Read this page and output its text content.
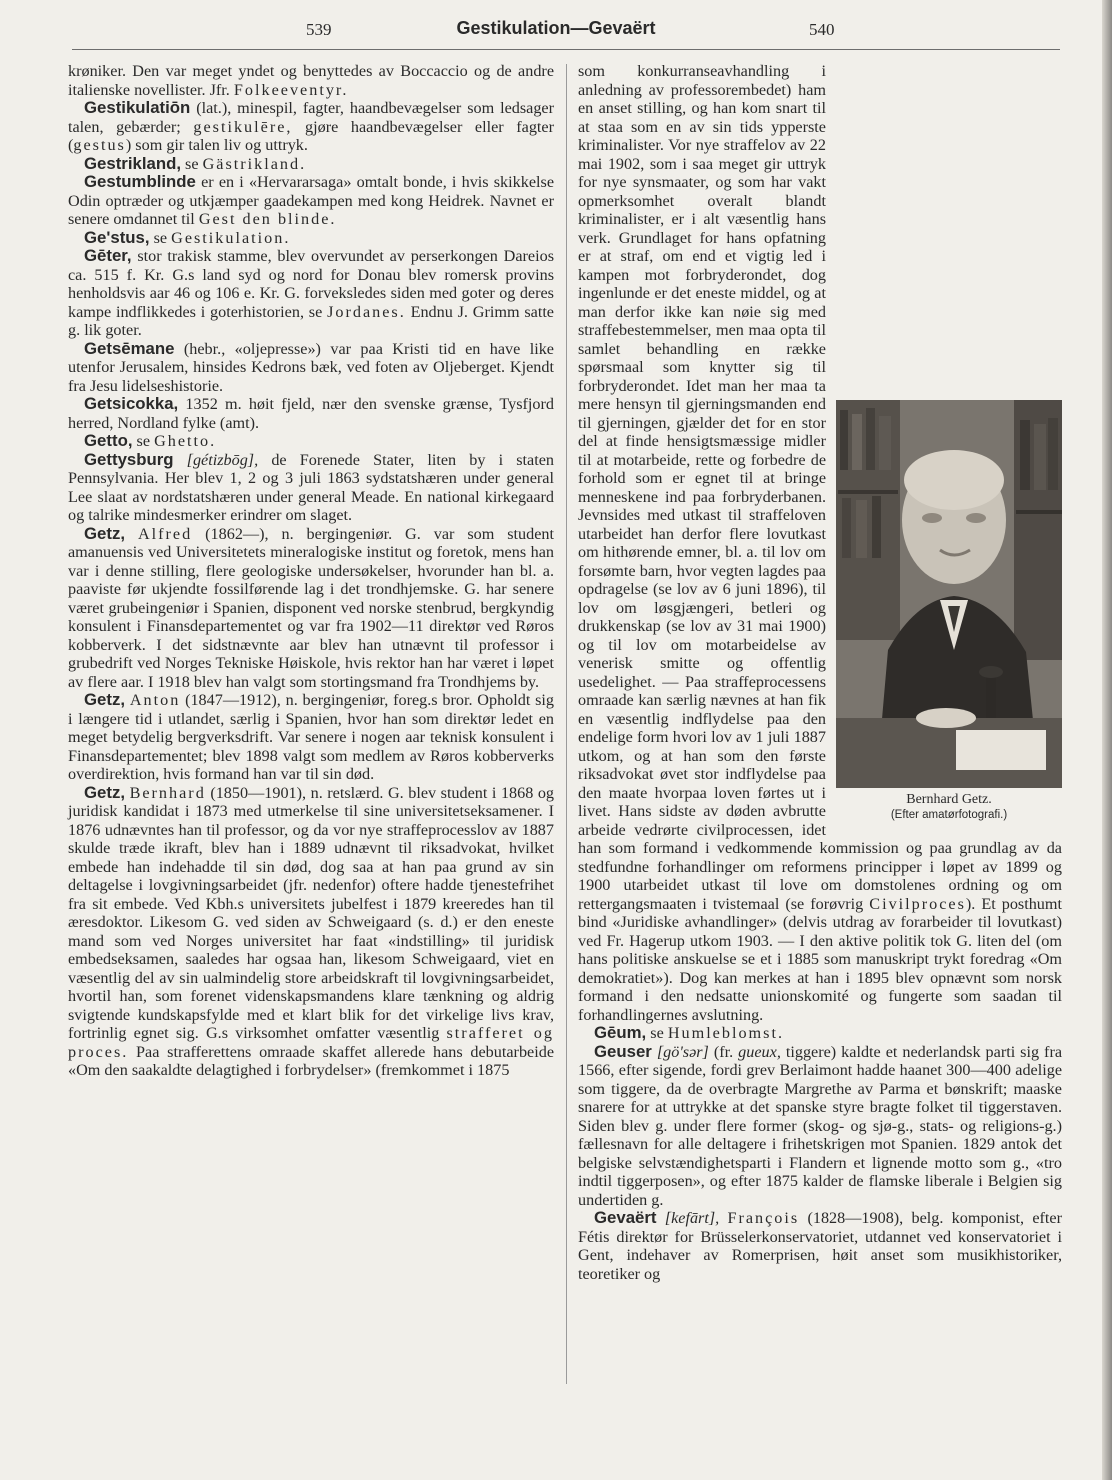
539	Gestikulation—Gevaërt	540

krøniker. Den var meget yndet og benyttedes av Boccaccio og de andre italienske novellister. Jfr. Folkeeventyr.

Gestikulatiōn (lat.), minespil, fagter, haandbevægelser som ledsager talen, gebærder; gestikulēre, gjøre haandbevægelser eller fagter (gestus) som gir talen liv og uttryk.

Gestrikland, se Gästrikland.

Gestumblinde er en i «Hervararsaga» omtalt bonde, i hvis skikkelse Odin optræder og utkjæmper gaadekampen med kong Heidrek. Navnet er senere omdannet til Gest den blinde.

Ge'stus, se Gestikulation.

Gēter, stor trakisk stamme, blev overvundet av perserkongen Dareios ca. 515 f. Kr. G.s land syd og nord for Donau blev romersk provins henholdsvis aar 46 og 106 e. Kr. G. forveksledes siden med goter og deres kampe indflikkedes i goterhistorien, se Jordanes. Endnu J. Grimm satte g. lik goter.

Getsēmane (hebr., «oljepresse») var paa Kristi tid en have like utenfor Jerusalem, hinsides Kedrons bæk, ved foten av Oljeberget. Kjendt fra Jesu lidelseshistorie.

Getsicokka, 1352 m. høit fjeld, nær den svenske grænse, Tysfjord herred, Nordland fylke (amt).

Getto, se Ghetto.

Gettysburg [gétizbōg], de Forenede Stater, liten by i staten Pennsylvania. Her blev 1, 2 og 3 juli 1863 sydstatshæren under general Lee slaat av nordstatshæren under general Meade. En national kirkegaard og talrike mindesmerker erindrer om slaget.

Getz, Alfred (1862—), n. bergingeniør. G. var som student amanuensis ved Universitetets mineralogiske institut og foretok, mens han var i denne stilling, flere geologiske undersøkelser, hvorunder han bl. a. paaviste før ukjendte fossilførende lag i det trondhjemske. G. har senere været grubeingeniør i Spanien, disponent ved norske stenbrud, bergkyndig konsulent i Finansdepartementet og var fra 1902—11 direktør ved Røros kobberverk. I det sidstnævnte aar blev han utnævnt til professor i grubedrift ved Norges Tekniske Høiskole, hvis rektor han har været i løpet av flere aar. I 1918 blev han valgt som stortingsmand fra Trondhjems by.

Getz, Anton (1847—1912), n. bergingeniør, foreg.s bror. Opholdt sig i længere tid i utlandet, særlig i Spanien, hvor han som direktør ledet en meget betydelig bergverksdrift. Var senere i nogen aar teknisk konsulent i Finansdepartementet; blev 1898 valgt som medlem av Røros kobberverks overdirektion, hvis formand han var til sin død.

Getz, Bernhard (1850—1901), n. retslærd. G. blev student i 1868 og juridisk kandidat i 1873 med utmerkelse til sine universitetseksamener. I 1876 udnævntes han til professor, og da vor nye straffeprocesslov av 1887 skulde træde ikraft, blev han i 1889 udnævnt til riksadvokat, hvilket embede han indehadde til sin død, dog saa at han paa grund av sin deltagelse i lovgivningsarbeidet (jfr. nedenfor) oftere hadde tjenestefrihet fra sit embede. Ved Kbh.s universitets jubelfest i 1879 kreeredes han til æresdoktor. Likesom G. ved siden av Schweigaard (s. d.) er den eneste mand som ved Norges universitet har faat «indstilling» til juridisk embedseksamen, saaledes har ogsaa han, likesom Schweigaard, viet en væsentlig del av sin ualmindelig store arbeidskraft til lovgivningsarbeidet, hvortil han, som forenet videnskapsmandens klare tænkning og aldrig svigtende kundskapsfylde med et klart blik for det virkelige livs krav, fortrinlig egnet sig. G.s virksomhet omfatter væsentlig strafferet og proces. Paa strafferettens omraade skaffet allerede hans debutarbeide «Om den saakaldte delagtighed i forbrydelser» (fremkommet i 1875

Bernhard Getz.
(Efter amatørfotografi.)
som konkurranseavhandling i anledning av professorembedet) ham en anset stilling, og han kom snart til at staa som en av sin tids ypperste kriminalister. Vor nye straffelov av 22 mai 1902, som i saa meget gir uttryk for nye synsmaater, og som har vakt opmerksomhet overalt blandt kriminalister, er i alt væsentlig hans verk. Grundlaget for hans opfatning er at straf, om end et vigtig led i kampen mot forbryderondet, dog ingenlunde er det eneste middel, og at man derfor ikke kan nøie sig med straffebestemmelser, men maa opta til samlet behandling en række spørsmaal som knytter sig til forbryderondet. Idet man her maa ta mere hensyn til gjerningsmanden end til gjerningen, gjælder det for en stor del at finde hensigtsmæssige midler til at motarbeide, rette og forbedre de forhold som er egnet til at bringe menneskene ind paa forbryderbanen. Jevnsides med utkast til straffeloven utarbeidet han derfor flere lovutkast om hithørende emner, bl. a. til lov om forsømte barn, hvor vegten lagdes paa opdragelse (se lov av 6 juni 1896), til lov om løsgjængeri, betleri og drukkenskap (se lov av 31 mai 1900) og til lov om motarbeidelse av venerisk smitte og offentlig usedelighet. — Paa straffeprocessens omraade kan særlig nævnes at han fik en væsentlig indflydelse paa den endelige form hvori lov av 1 juli 1887 utkom, og at han som den første riksadvokat øvet stor indflydelse paa den maate hvorpaa loven førtes ut i livet. Hans sidste av døden avbrutte arbeide vedrørte civilprocessen, idet han som formand i vedkommende kommission og paa grundlag av da stedfundne forhandlinger om reformens principper i løpet av 1899 og 1900 utarbeidet utkast til love om domstolenes ordning og om rettergangsmaaten i tvistemaal (se forøvrig Civilproces). Et posthumt bind «Juridiske avhandlinger» (delvis utdrag av forarbeider til lovutkast) ved Fr. Hagerup utkom 1903. — I den aktive politik tok G. liten del (om hans politiske anskuelse se et i 1885 som manuskript trykt foredrag «Om demokratiet»). Dog kan merkes at han i 1895 blev opnævnt som norsk formand i den nedsatte unionskomité og fungerte som saadan til forhandlingernes avslutning.

Gēum, se Humleblomst.

Geuser [gö'sər] (fr. gueux, tiggere) kaldte et nederlandsk parti sig fra 1566, efter sigende, fordi grev Berlaimont hadde haanet 300—400 adelige som tiggere, da de overbragte Margrethe av Parma et bønskrift; maaske snarere for at uttrykke at det spanske styre bragte folket til tiggerstaven. Siden blev g. under flere former (skog- og sjø-g., stats- og religions-g.) fællesnavn for alle deltagere i frihetskrigen mot Spanien. 1829 antok det belgiske selvstændighetsparti i Flandern et lignende motto som g., «tro indtil tiggerposen», og efter 1875 kalder de flamske liberale i Belgien sig undertiden g.

Gevaërt [kefārt], François (1828—1908), belg. komponist, efter Fétis direktør for Brüsselerkonservatoriet, utdannet ved konservatoriet i Gent, indehaver av Romerprisen, høit anset som musikhistoriker, teoretiker og
